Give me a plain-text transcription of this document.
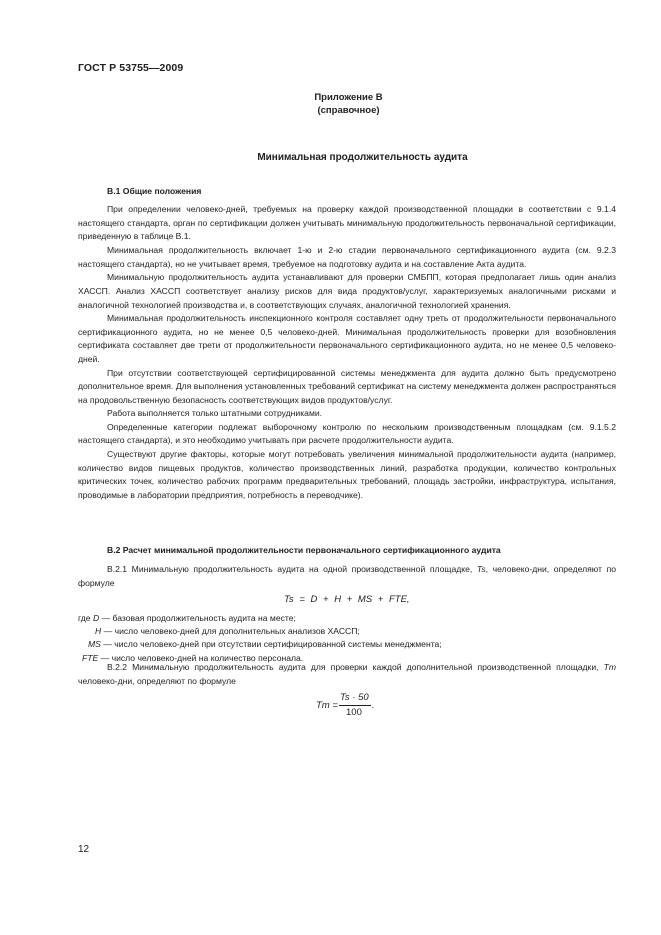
ГОСТ Р 53755—2009
Приложение В
(справочное)
Минимальная продолжительность аудита
В.1 Общие положения

При определении человеко-дней, требуемых на проверку каждой производственной площадки в соответствии с 9.1.4 настоящего стандарта, орган по сертификации должен учитывать минимальную продолжительность первоначальной сертификации, приведенную в таблице В.1.

Минимальная продолжительность включает 1-ю и 2-ю стадии первоначального сертификационного аудита (см. 9.2.3 настоящего стандарта), но не учитывает время, требуемое на подготовку аудита и на составление Акта аудита.

Минимальную продолжительность аудита устанавливают для проверки СМБПП, которая предполагает лишь один анализ ХАССП. Анализ ХАССП соответствует анализу рисков для вида продуктов/услуг, характеризуемых аналогичными рисками и аналогичной технологией производства и, в соответствующих случаях, аналогичной технологией хранения.

Минимальная продолжительность инспекционного контроля составляет одну треть от продолжительности первоначального сертификационного аудита, но не менее 0,5 человеко-дней. Минимальная продолжительность проверки для возобновления сертификата составляет две трети от продолжительности первоначального сертификационного аудита, но не менее 0,5 человеко-дней.

При отсутствии соответствующей сертифицированной системы менеджмента для аудита должно быть предусмотрено дополнительное время. Для выполнения установленных требований сертификат на систему менеджмента должен распространяться на продовольственную безопасность соответствующих видов продуктов/услуг.

Работа выполняется только штатными сотрудниками.

Определенные категории подлежат выборочному контролю по нескольким производственным площадкам (см. 9.1.5.2 настоящего стандарта), и это необходимо учитывать при расчете продолжительности аудита.

Существуют другие факторы, которые могут потребовать увеличения минимальной продолжительности аудита (например, количество видов пищевых продуктов, количество производственных линий, разработка продукции, количество контрольных критических точек, количество рабочих программ предварительных требований, площадь застройки, инфраструктура, испытания, проводимые в лаборатории предприятия, потребность в переводчике).

В.2 Расчет минимальной продолжительности первоначального сертификационного аудита

В.2.1 Минимальную продолжительность аудита на одной производственной площадке, Ts, человеко-дни, определяют по формуле

Ts = D + H + MS + FTE,
где D — базовая продолжительность аудита на месте;
H — число человеко-дней для дополнительных анализов ХАССП;
MS — число человеко-дней при отсутствии сертифицированной системы менеджмента;
FTE — число человеко-дней на количество персонала.

В.2.2 Минимальную продолжительность аудита для проверки каждой дополнительной производственной площадки, Tm человеко-дни, определяют по формуле

Tm =
Ts · 50
100
.
12
